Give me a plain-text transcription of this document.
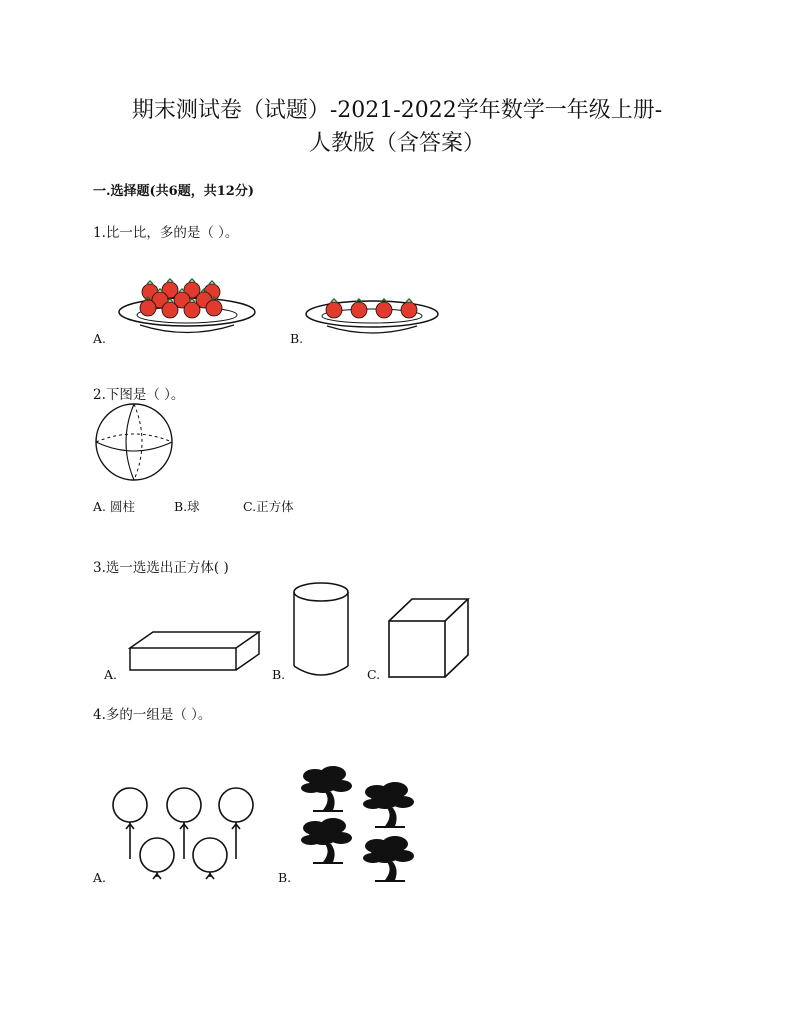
期末测试卷（试题）-2021-2022学年数学一年级上册-
人教版（含答案）
一.选择题(共6题，共12分)
1.比一比，多的是（ ）。
A.	B.
2.下图是（ ）。
A. 圆柱	B.球	C.正方体
3.选一选选出正方体( )
A.	B.	C.
4.多的一组是（ ）。
A.	B.
